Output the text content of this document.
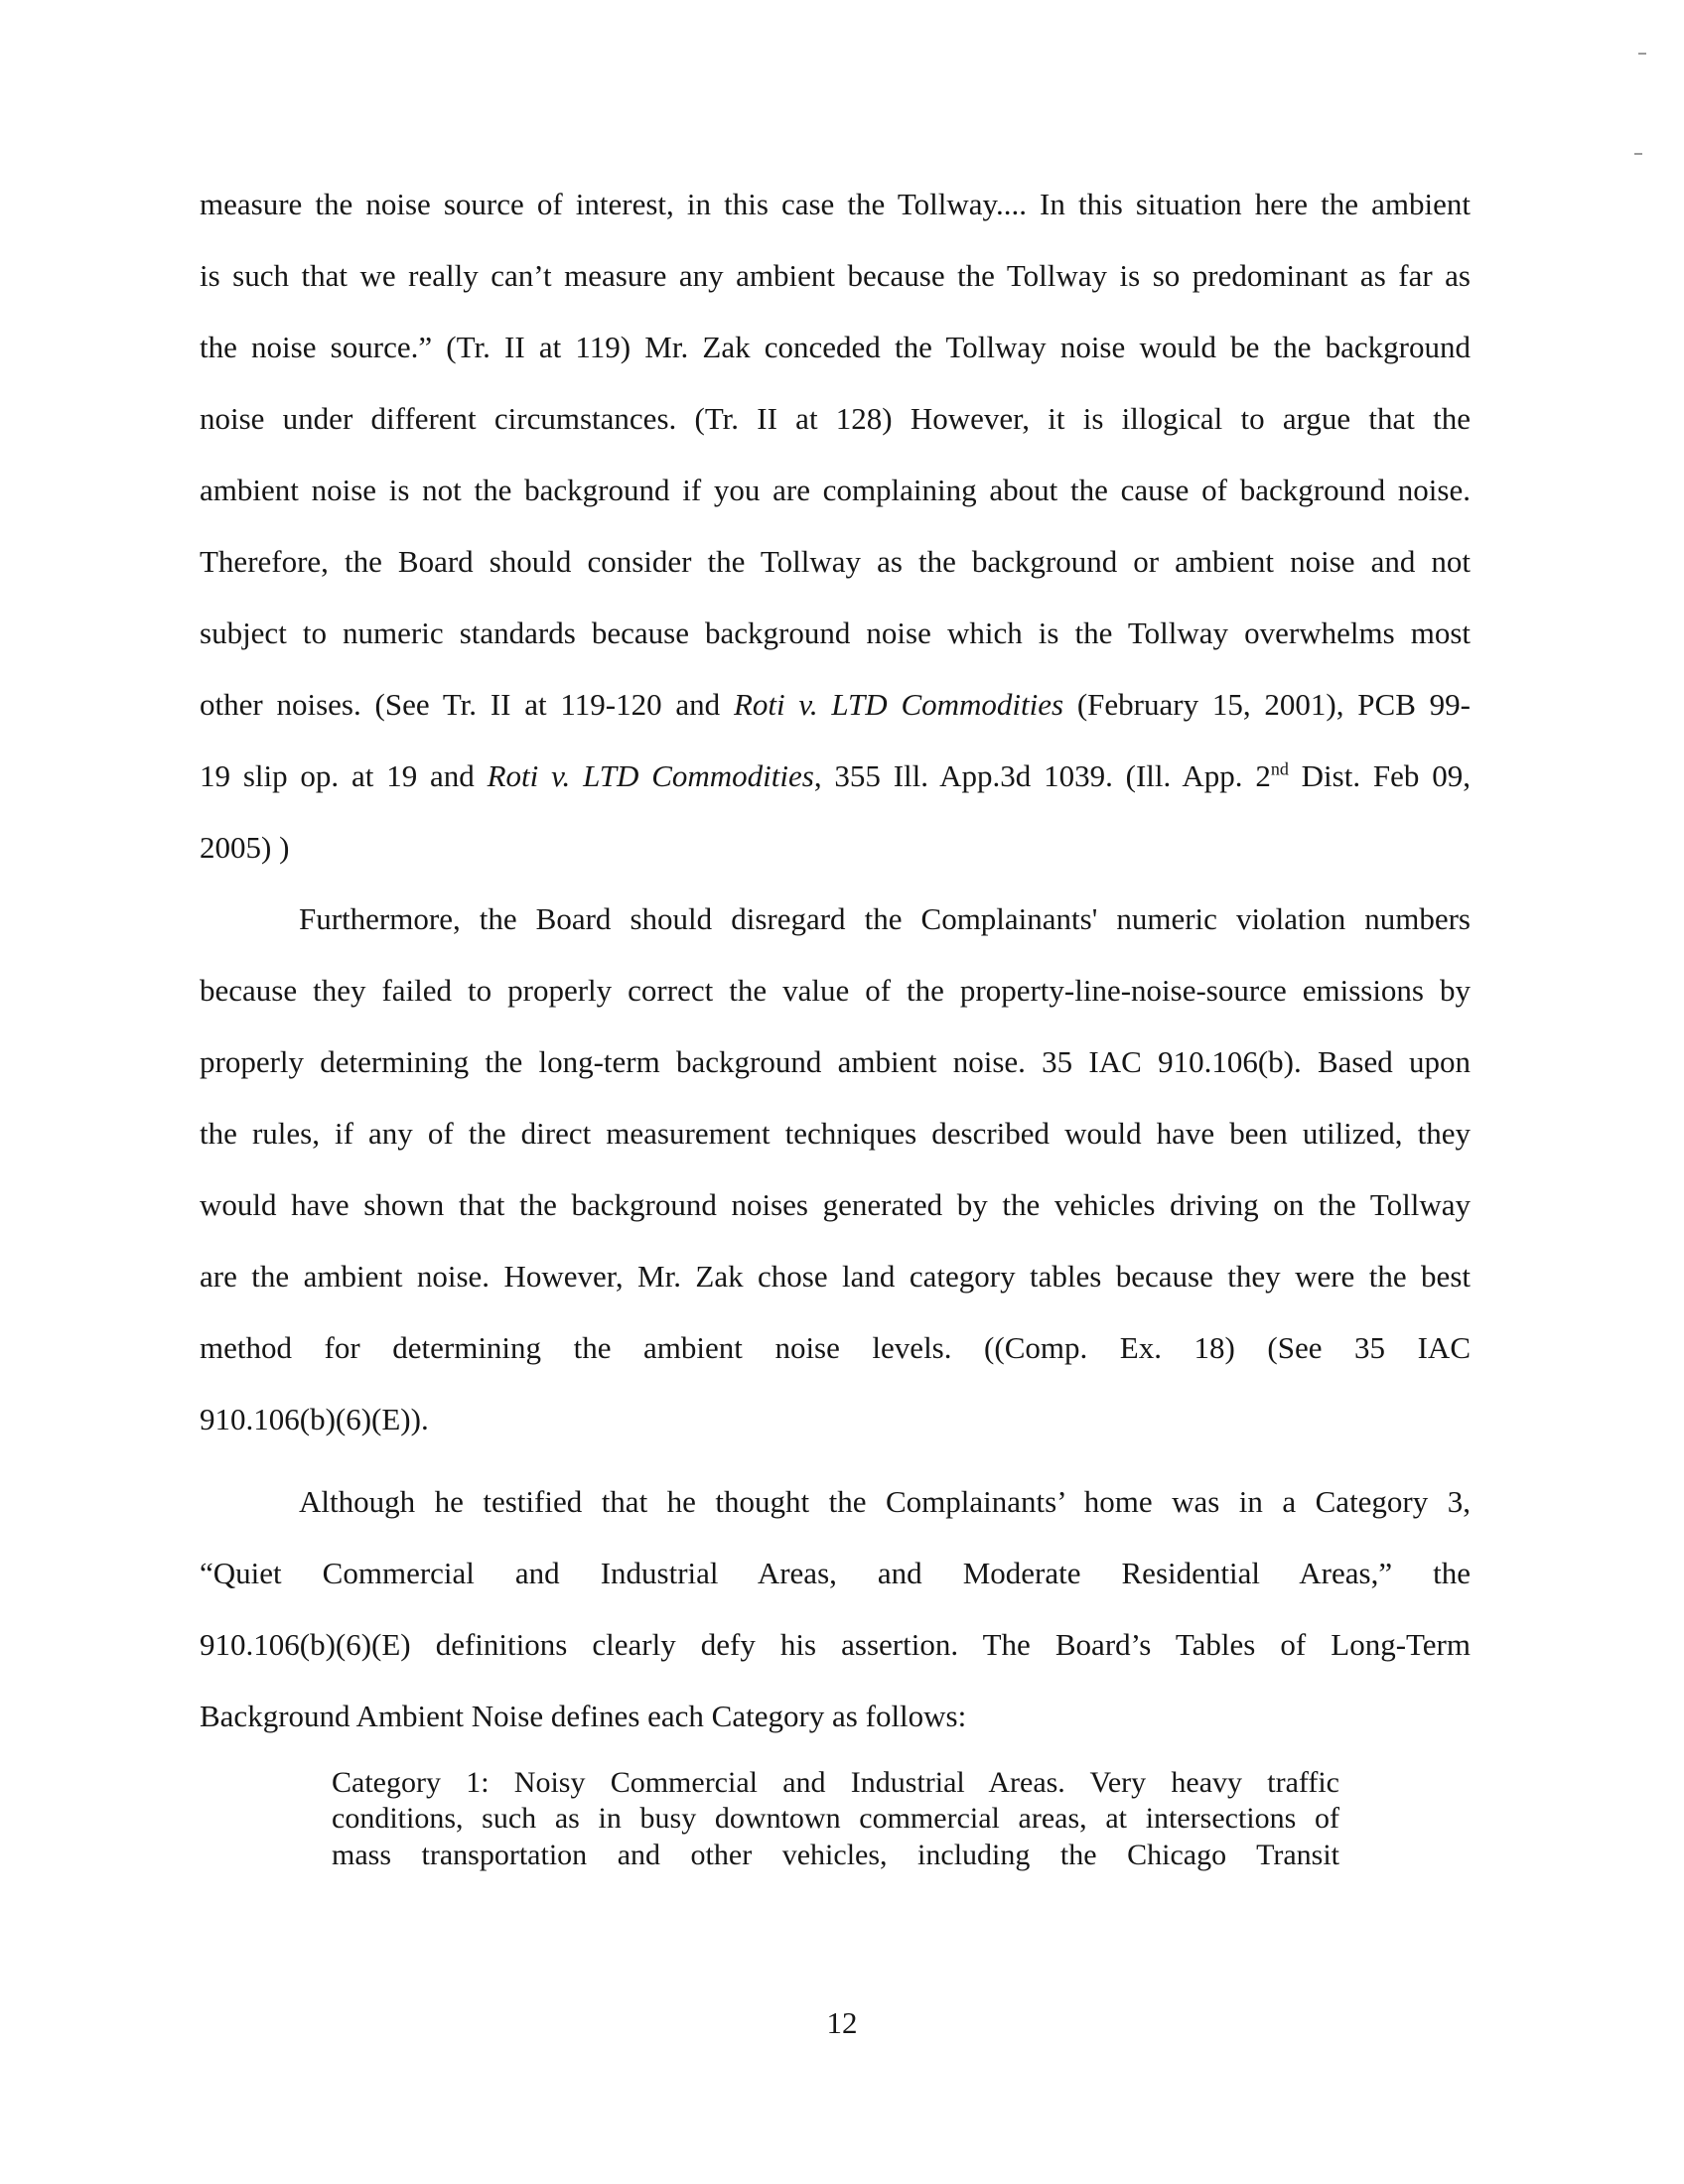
measure the noise source of interest, in this case the Tollway.... In this situation here the ambient
is such that we really can’t measure any ambient because the Tollway is so predominant as far as
the noise source.” (Tr. II at 119) Mr. Zak conceded the Tollway noise would be the background
noise under different circumstances. (Tr. II at 128) However, it is illogical to argue that the
ambient noise is not the background if you are complaining about the cause of background noise.
Therefore, the Board should consider the Tollway as the background or ambient noise and not
subject to numeric standards because background noise which is the Tollway overwhelms most
other noises. (See Tr. II at 119-120 and Roti v. LTD Commodities (February 15, 2001), PCB 99-
19 slip op. at 19 and Roti v. LTD Commodities, 355 Ill. App.3d 1039. (Ill. App. 2nd Dist. Feb 09,
2005) )
Furthermore, the Board should disregard the Complainants' numeric violation numbers
because they failed to properly correct the value of the property-line-noise-source emissions by
properly determining the long-term background ambient noise. 35 IAC 910.106(b). Based upon
the rules, if any of the direct measurement techniques described would have been utilized, they
would have shown that the background noises generated by the vehicles driving on the Tollway
are the ambient noise. However, Mr. Zak chose land category tables because they were the best
method for determining the ambient noise levels. ((Comp. Ex. 18) (See 35 IAC
910.106(b)(6)(E)).
Although he testified that he thought the Complainants’ home was in a Category 3,
“Quiet Commercial and Industrial Areas, and Moderate Residential Areas,” the
910.106(b)(6)(E) definitions clearly defy his assertion. The Board’s Tables of Long-Term
Background Ambient Noise defines each Category as follows:
Category 1: Noisy Commercial and Industrial Areas. Very heavy traffic
conditions, such as in busy downtown commercial areas, at intersections of
mass transportation and other vehicles, including the Chicago Transit
12
